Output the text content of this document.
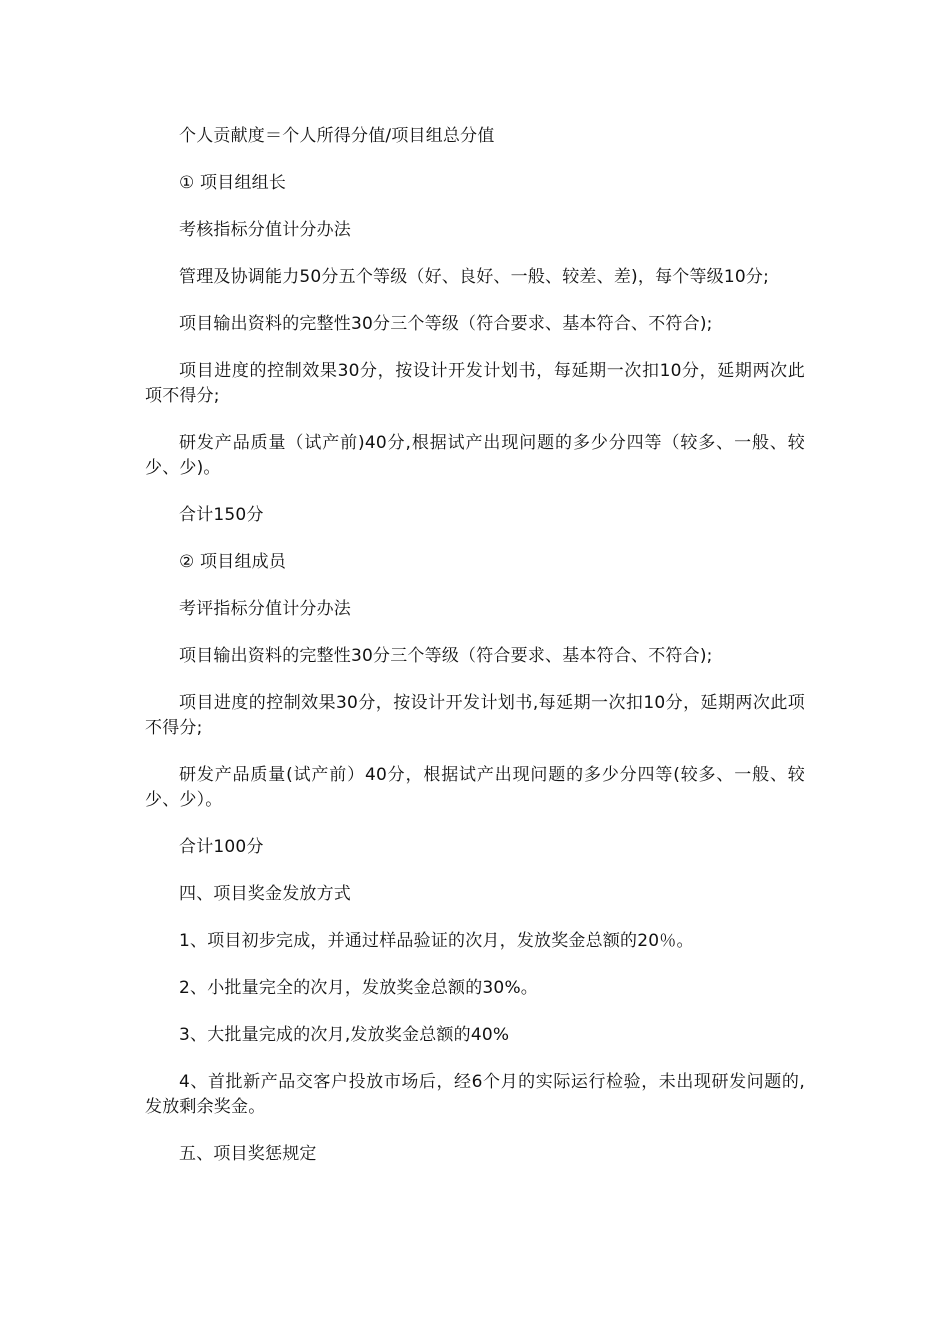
个人贡献度＝个人所得分值/项目组总分值

① 项目组组长

考核指标分值计分办法

管理及协调能力50分五个等级（好、良好、一般、较差、差)，每个等级10分;

项目输出资料的完整性30分三个等级（符合要求、基本符合、不符合);

项目进度的控制效果30分，按设计开发计划书，每延期一次扣10分，延期两次此项不得分;

研发产品质量（试产前)40分,根据试产出现问题的多少分四等（较多、一般、较少、少)。

合计150分

② 项目组成员

考评指标分值计分办法

项目输出资料的完整性30分三个等级（符合要求、基本符合、不符合);

项目进度的控制效果30分，按设计开发计划书,每延期一次扣10分，延期两次此项不得分;

研发产品质量(试产前）40分，根据试产出现问题的多少分四等(较多、一般、较少、少）。

合计100分

四、项目奖金发放方式

1、项目初步完成，并通过样品验证的次月，发放奖金总额的20％。

2、小批量完全的次月，发放奖金总额的30%。

3、大批量完成的次月,发放奖金总额的40%

4、首批新产品交客户投放市场后，经6个月的实际运行检验，未出现研发问题的,发放剩余奖金。

五、项目奖惩规定
